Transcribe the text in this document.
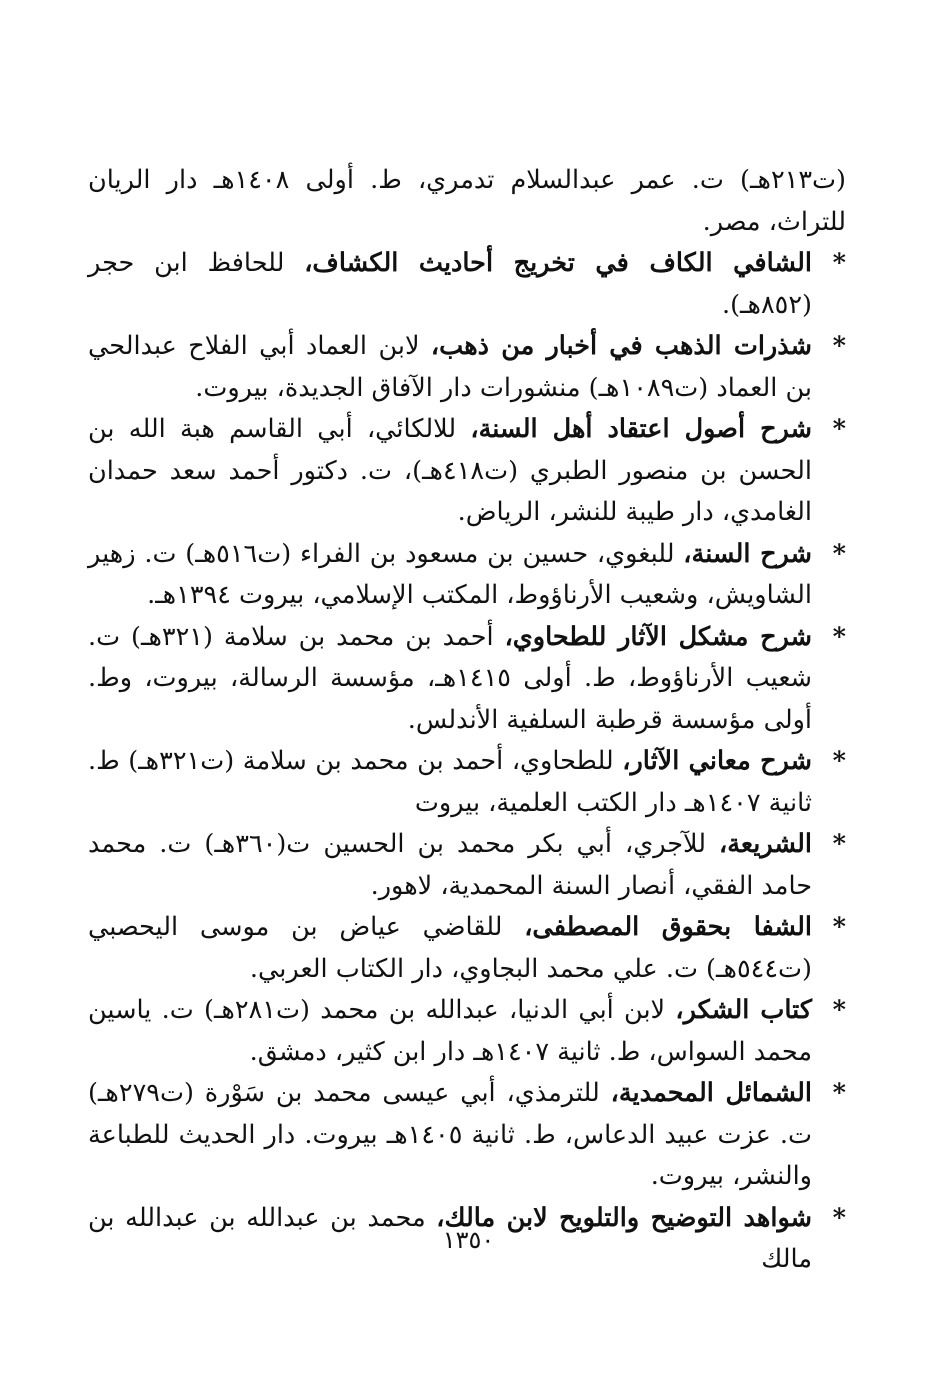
(ت٢١٣هـ) ت. عمر عبدالسلام تدمري، ط. أولى ١٤٠٨هـ دار الريان للتراث، مصر.

*الشافي الكاف في تخريج أحاديث الكشاف، للحافظ ابن حجر (٨٥٢هـ).

*شذرات الذهب في أخبار من ذهب، لابن العماد أبي الفلاح عبدالحي بن العماد (ت١٠٨٩هـ) منشورات دار الآفاق الجديدة، بيروت.

*شرح أصول اعتقاد أهل السنة، للالكائي، أبي القاسم هبة الله بن الحسن بن منصور الطبري (ت٤١٨هـ)، ت. دكتور أحمد سعد حمدان الغامدي، دار طيبة للنشر، الرياض.

*شرح السنة، للبغوي، حسين بن مسعود بن الفراء (ت٥١٦هـ) ت. زهير الشاويش، وشعيب الأرناؤوط، المكتب الإسلامي، بيروت ١٣٩٤هـ.

*شرح مشكل الآثار للطحاوي، أحمد بن محمد بن سلامة (٣٢١هـ) ت. شعيب الأرناؤوط، ط. أولى ١٤١٥هـ، مؤسسة الرسالة، بيروت، وط. أولى مؤسسة قرطبة السلفية الأندلس.

*شرح معاني الآثار، للطحاوي، أحمد بن محمد بن سلامة (ت٣٢١هـ) ط. ثانية ١٤٠٧هـ دار الكتب العلمية، بيروت

*الشريعة، للآجري، أبي بكر محمد بن الحسين ت(٣٦٠هـ) ت. محمد حامد الفقي، أنصار السنة المحمدية، لاهور.

*الشفا بحقوق المصطفى، للقاضي عياض بن موسى اليحصبي (ت٥٤٤هـ) ت. علي محمد البجاوي، دار الكتاب العربي.

*كتاب الشكر، لابن أبي الدنيا، عبدالله بن محمد (ت٢٨١هـ) ت. ياسين محمد السواس، ط. ثانية ١٤٠٧هـ دار ابن كثير، دمشق.

*الشمائل المحمدية، للترمذي، أبي عيسى محمد بن سَوْرة (ت٢٧٩هـ) ت. عزت عبيد الدعاس، ط. ثانية ١٤٠٥هـ بيروت. دار الحديث للطباعة والنشر، بيروت.

*شواهد التوضيح والتلويح لابن مالك، محمد بن عبدالله بن عبدالله بن مالك

١٣٥٠
